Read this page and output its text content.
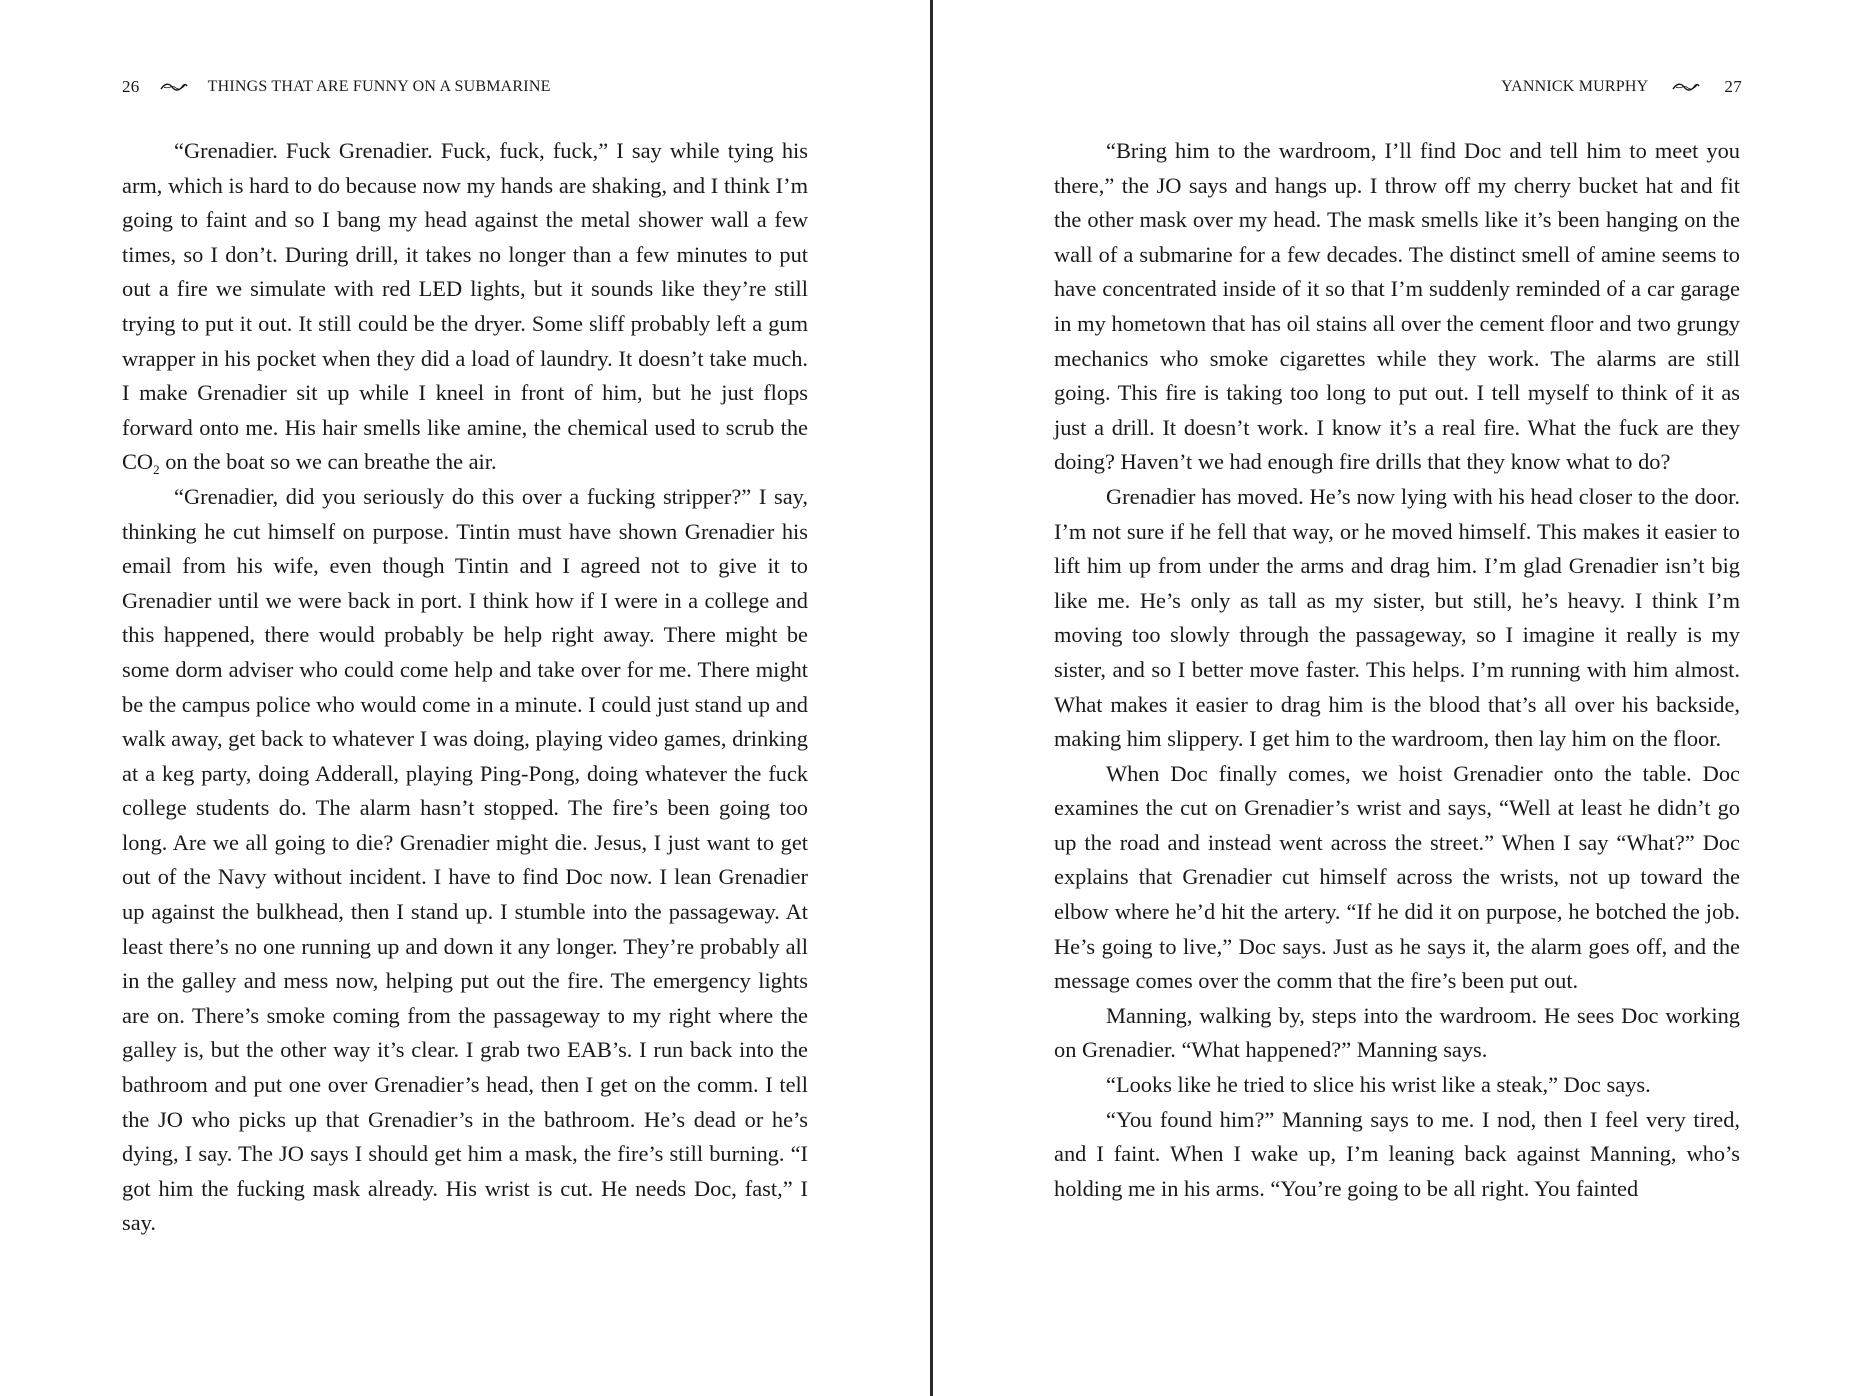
26	THINGS THAT ARE FUNNY ON A SUBMARINE

“Grenadier. Fuck Grenadier. Fuck, fuck, fuck,” I say while tying his arm, which is hard to do because now my hands are shaking, and I think I’m going to faint and so I bang my head against the metal shower wall a few times, so I don’t. During drill, it takes no longer than a few minutes to put out a fire we simulate with red LED lights, but it sounds like they’re still trying to put it out. It still could be the dryer. Some sliff probably left a gum wrapper in his pocket when they did a load of laundry. It doesn’t take much. I make Grenadier sit up while I kneel in front of him, but he just flops forward onto me. His hair smells like amine, the chemical used to scrub the $CO_2$ on the boat so we can breathe the air.

“Grenadier, did you seriously do this over a fucking stripper?” I say, thinking he cut himself on purpose. Tintin must have shown Grenadier his email from his wife, even though Tintin and I agreed not to give it to Grenadier until we were back in port. I think how if I were in a college and this happened, there would probably be help right away. There might be some dorm adviser who could come help and take over for me. There might be the campus police who would come in a minute. I could just stand up and walk away, get back to whatever I was doing, playing video games, drinking at a keg party, doing Adderall, playing Ping-Pong, doing whatever the fuck college students do. The alarm hasn’t stopped. The fire’s been going too long. Are we all going to die? Grenadier might die. Jesus, I just want to get out of the Navy without incident. I have to find Doc now. I lean Grenadier up against the bulkhead, then I stand up. I stumble into the passageway. At least there’s no one running up and down it any longer. They’re probably all in the galley and mess now, helping put out the fire. The emergency lights are on. There’s smoke coming from the passageway to my right where the galley is, but the other way it’s clear. I grab two EAB’s. I run back into the bathroom and put one over Grenadier’s head, then I get on the comm. I tell the JO who picks up that Grenadier’s in the bathroom. He’s dead or he’s dying, I say. The JO says I should get him a mask, the fire’s still burning. “I got him the fucking mask already. His wrist is cut. He needs Doc, fast,” I say.

YANNICK MURPHY	27

“Bring him to the wardroom, I’ll find Doc and tell him to meet you there,” the JO says and hangs up. I throw off my cherry bucket hat and fit the other mask over my head. The mask smells like it’s been hanging on the wall of a submarine for a few decades. The distinct smell of amine seems to have concentrated inside of it so that I’m suddenly reminded of a car garage in my hometown that has oil stains all over the cement floor and two grungy mechanics who smoke cigarettes while they work. The alarms are still going. This fire is taking too long to put out. I tell myself to think of it as just a drill. It doesn’t work. I know it’s a real fire. What the fuck are they doing? Haven’t we had enough fire drills that they know what to do?

Grenadier has moved. He’s now lying with his head closer to the door. I’m not sure if he fell that way, or he moved himself. This makes it easier to lift him up from under the arms and drag him. I’m glad Grenadier isn’t big like me. He’s only as tall as my sister, but still, he’s heavy. I think I’m moving too slowly through the passageway, so I imagine it really is my sister, and so I better move faster. This helps. I’m running with him almost. What makes it easier to drag him is the blood that’s all over his backside, making him slippery. I get him to the wardroom, then lay him on the floor.

When Doc finally comes, we hoist Grenadier onto the table. Doc examines the cut on Grenadier’s wrist and says, “Well at least he didn’t go up the road and instead went across the street.” When I say “What?” Doc explains that Grenadier cut himself across the wrists, not up toward the elbow where he’d hit the artery. “If he did it on purpose, he botched the job. He’s going to live,” Doc says. Just as he says it, the alarm goes off, and the message comes over the comm that the fire’s been put out.

Manning, walking by, steps into the wardroom. He sees Doc working on Grenadier. “What happened?” Manning says.

“Looks like he tried to slice his wrist like a steak,” Doc says.

“You found him?” Manning says to me. I nod, then I feel very tired, and I faint. When I wake up, I’m leaning back against Manning, who’s holding me in his arms. “You’re going to be all right. You fainted
